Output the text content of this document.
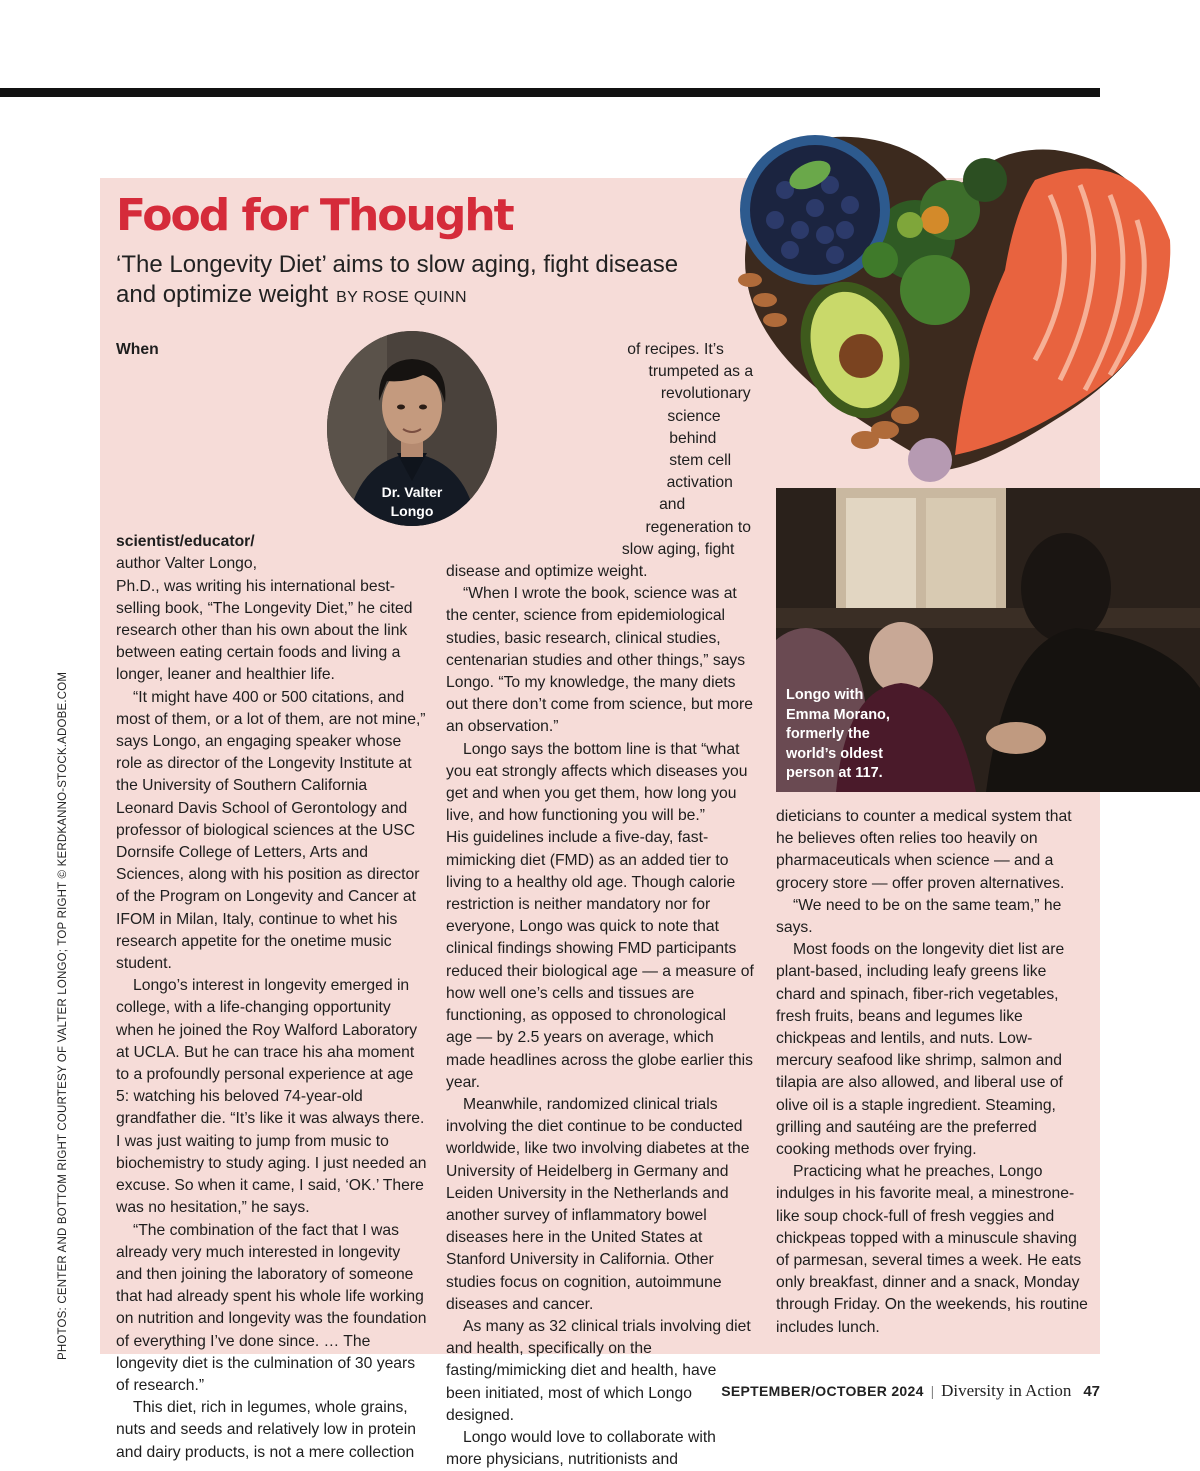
Food for Thought
‘The Longevity Diet’ aims to slow aging, fight disease
and optimize weight BY ROSE QUINN

When scientist/educator/
author Valter Longo, Ph.D., was writing his international best-selling book, “The Longevity Diet,” he cited research other than his own about the link between eating certain foods and living a longer, leaner and healthier life.

“It might have 400 or 500 citations, and most of them, or a lot of them, are not mine,” says Longo, an engaging speaker whose role as director of the Longevity Institute at the University of Southern California Leonard Davis School of Gerontology and professor of biological sciences at the USC Dornsife College of Letters, Arts and Sciences, along with his position as director of the Program on Longevity and Cancer at IFOM in Milan, Italy, continue to whet his research appetite for the onetime music student.

Longo’s interest in longevity emerged in college, with a life-changing opportunity when he joined the Roy Walford Laboratory at UCLA. But he can trace his aha moment to a profoundly personal experience at age 5: watching his beloved 74-year-old grandfather die. “It’s like it was always there. I was just waiting to jump from music to biochemistry to study aging. I just needed an excuse. So when it came, I said, ‘OK.’ There was no hesitation,” he says.

“The combination of the fact that I was already very much interested in longevity and then joining the laboratory of someone that had already spent his whole life working on nutrition and longevity was the foundation of everything I’ve done since. … The longevity diet is the culmination of 30 years of research.”

This diet, rich in legumes, whole grains, nuts and seeds and relatively low in protein and dairy products, is not a mere collection

of recipes. It’s trumpeted as a revolutionary science behind stem cell activation and regeneration to slow aging, fight disease and optimize weight.

“When I wrote the book, science was at the center, science from epidemiological studies, basic research, clinical studies, centenarian studies and other things,” says Longo. “To my knowledge, the many diets out there don’t come from science, but more an observation.”

Longo says the bottom line is that “what you eat strongly affects which diseases you get and when you get them, how long you live, and how functioning you will be.”

His guidelines include a five-day, fast-mimicking diet (FMD) as an added tier to living to a healthy old age. Though calorie restriction is neither mandatory nor for everyone, Longo was quick to note that clinical findings showing FMD participants reduced their biological age — a measure of how well one’s cells and tissues are functioning, as opposed to chronological age — by 2.5 years on average, which made headlines across the globe earlier this year.

Meanwhile, randomized clinical trials involving the diet continue to be conducted worldwide, like two involving diabetes at the University of Heidelberg in Germany and Leiden University in the Netherlands and another survey of inflammatory bowel diseases here in the United States at Stanford University in California. Other studies focus on cognition, autoimmune diseases and cancer.

As many as 32 clinical trials involving diet and health, specifically on the fasting/mimicking diet and health, have been initiated, most of which Longo designed.

Longo would love to collaborate with more physicians, nutritionists and

dieticians to counter a medical system that he believes often relies too heavily on pharmaceuticals when science — and a grocery store — offer proven alternatives.

“We need to be on the same team,” he says.

Most foods on the longevity diet list are plant-based, including leafy greens like chard and spinach, fiber-rich vegetables, fresh fruits, beans and legumes like chickpeas and lentils, and nuts. Low-mercury seafood like shrimp, salmon and tilapia are also allowed, and liberal use of olive oil is a staple ingredient. Steaming, grilling and sautéing are the preferred cooking methods over frying.

Practicing what he preaches, Longo indulges in his favorite meal, a minestrone-like soup chock-full of fresh veggies and chickpeas topped with a minuscule shaving of parmesan, several times a week. He eats only breakfast, dinner and a snack, Monday through Friday. On the weekends, his routine includes lunch.

Dr. Valter
Longo
Longo with
Emma Morano,
formerly the
world’s oldest
person at 117.
PHOTOS: CENTER AND BOTTOM RIGHT COURTESY OF VALTER LONGO; TOP RIGHT © KERDKANNO-STOCK.ADOBE.COM
SEPTEMBER/OCTOBER 2024 | Diversity in Action 47
